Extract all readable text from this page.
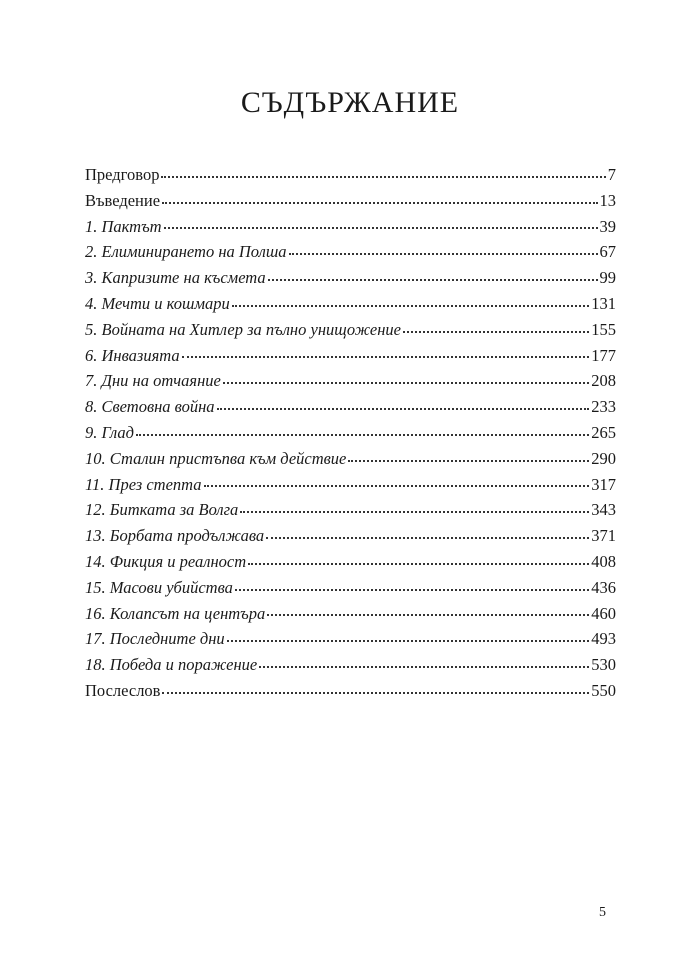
СЪДЪРЖАНИЕ
Предговор	7
Въведение	13
1. Пактът	39
2. Елиминирането на Полша	67
3. Капризите на късмета	99
4. Мечти и кошмари	131
5. Войната на Хитлер за пълно унищожение	155
6. Инвазията	177
7. Дни на отчаяние	208
8. Световна война	233
9. Глад	265
10. Сталин пристъпва към действие	290
11. През степта	317
12. Битката за Волга	343
13. Борбата продължава	371
14. Фикция и реалност	408
15. Масови убийства	436
16. Колапсът на центъра	460
17. Последните дни	493
18. Победа и поражение	530
Послеслов	550
5
